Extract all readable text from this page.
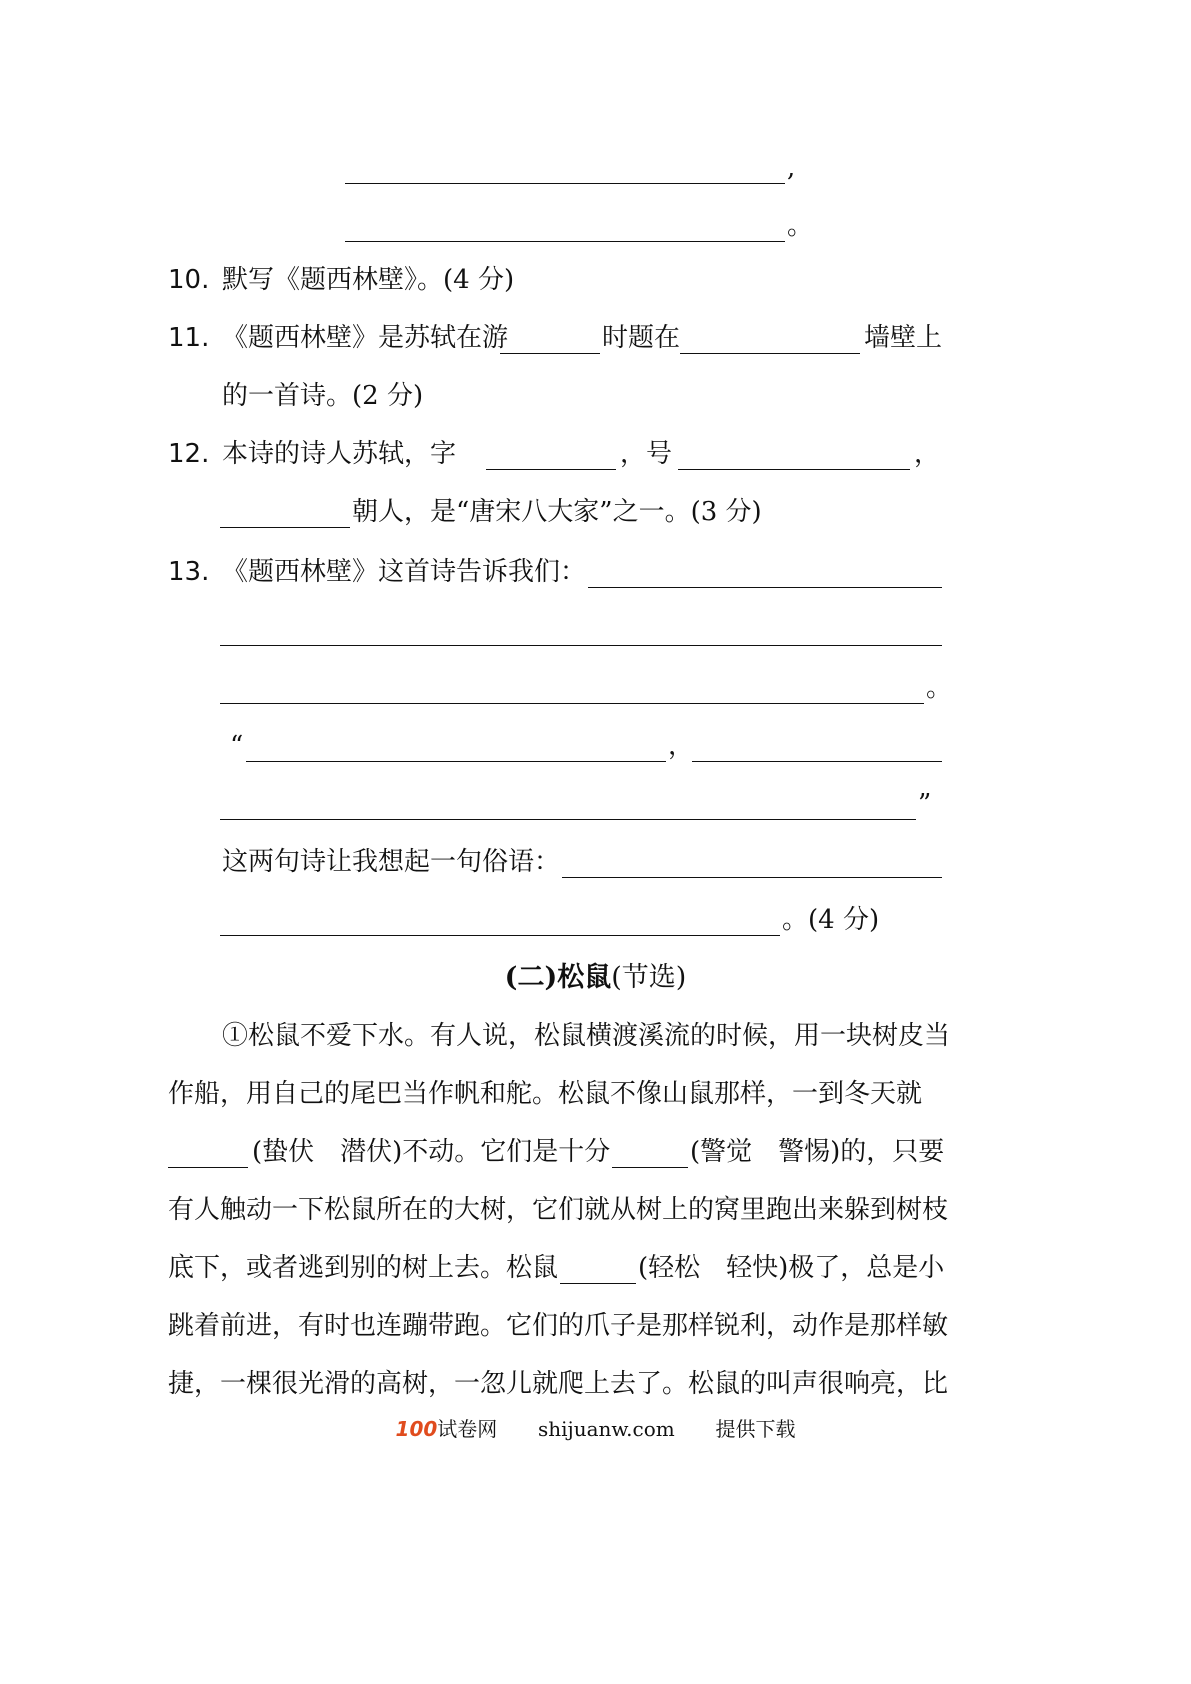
,
。
10. 默写《题西林壁》。(4 分)
11. 《题西林壁》是苏轼在游	时题在	墙壁上
的一首诗。(2 分)
12. 本诗的诗人苏轼，字	，号	，
朝人，是“唐宋八大家”之一。(3 分)
13. 《题西林壁》这首诗告诉我们：
。
“	，
”
这两句诗让我想起一句俗语：
。(4 分)
(二)松鼠(节选)
①松鼠不爱下水。有人说，松鼠横渡溪流的时候，用一块树皮当
作船，用自己的尾巴当作帆和舵。松鼠不像山鼠那样，一到冬天就
(蛰伏　潜伏)不动。它们是十分	(警觉　警惕)的，只要
有人触动一下松鼠所在的大树，它们就从树上的窝里跑出来躲到树枝
底下，或者逃到别的树上去。松鼠	(轻松　轻快)极了，总是小
跳着前进，有时也连蹦带跑。它们的爪子是那样锐利，动作是那样敏
捷，一棵很光滑的高树，一忽儿就爬上去了。松鼠的叫声很响亮，比
100试卷网 shijuanw.com 提供下载
